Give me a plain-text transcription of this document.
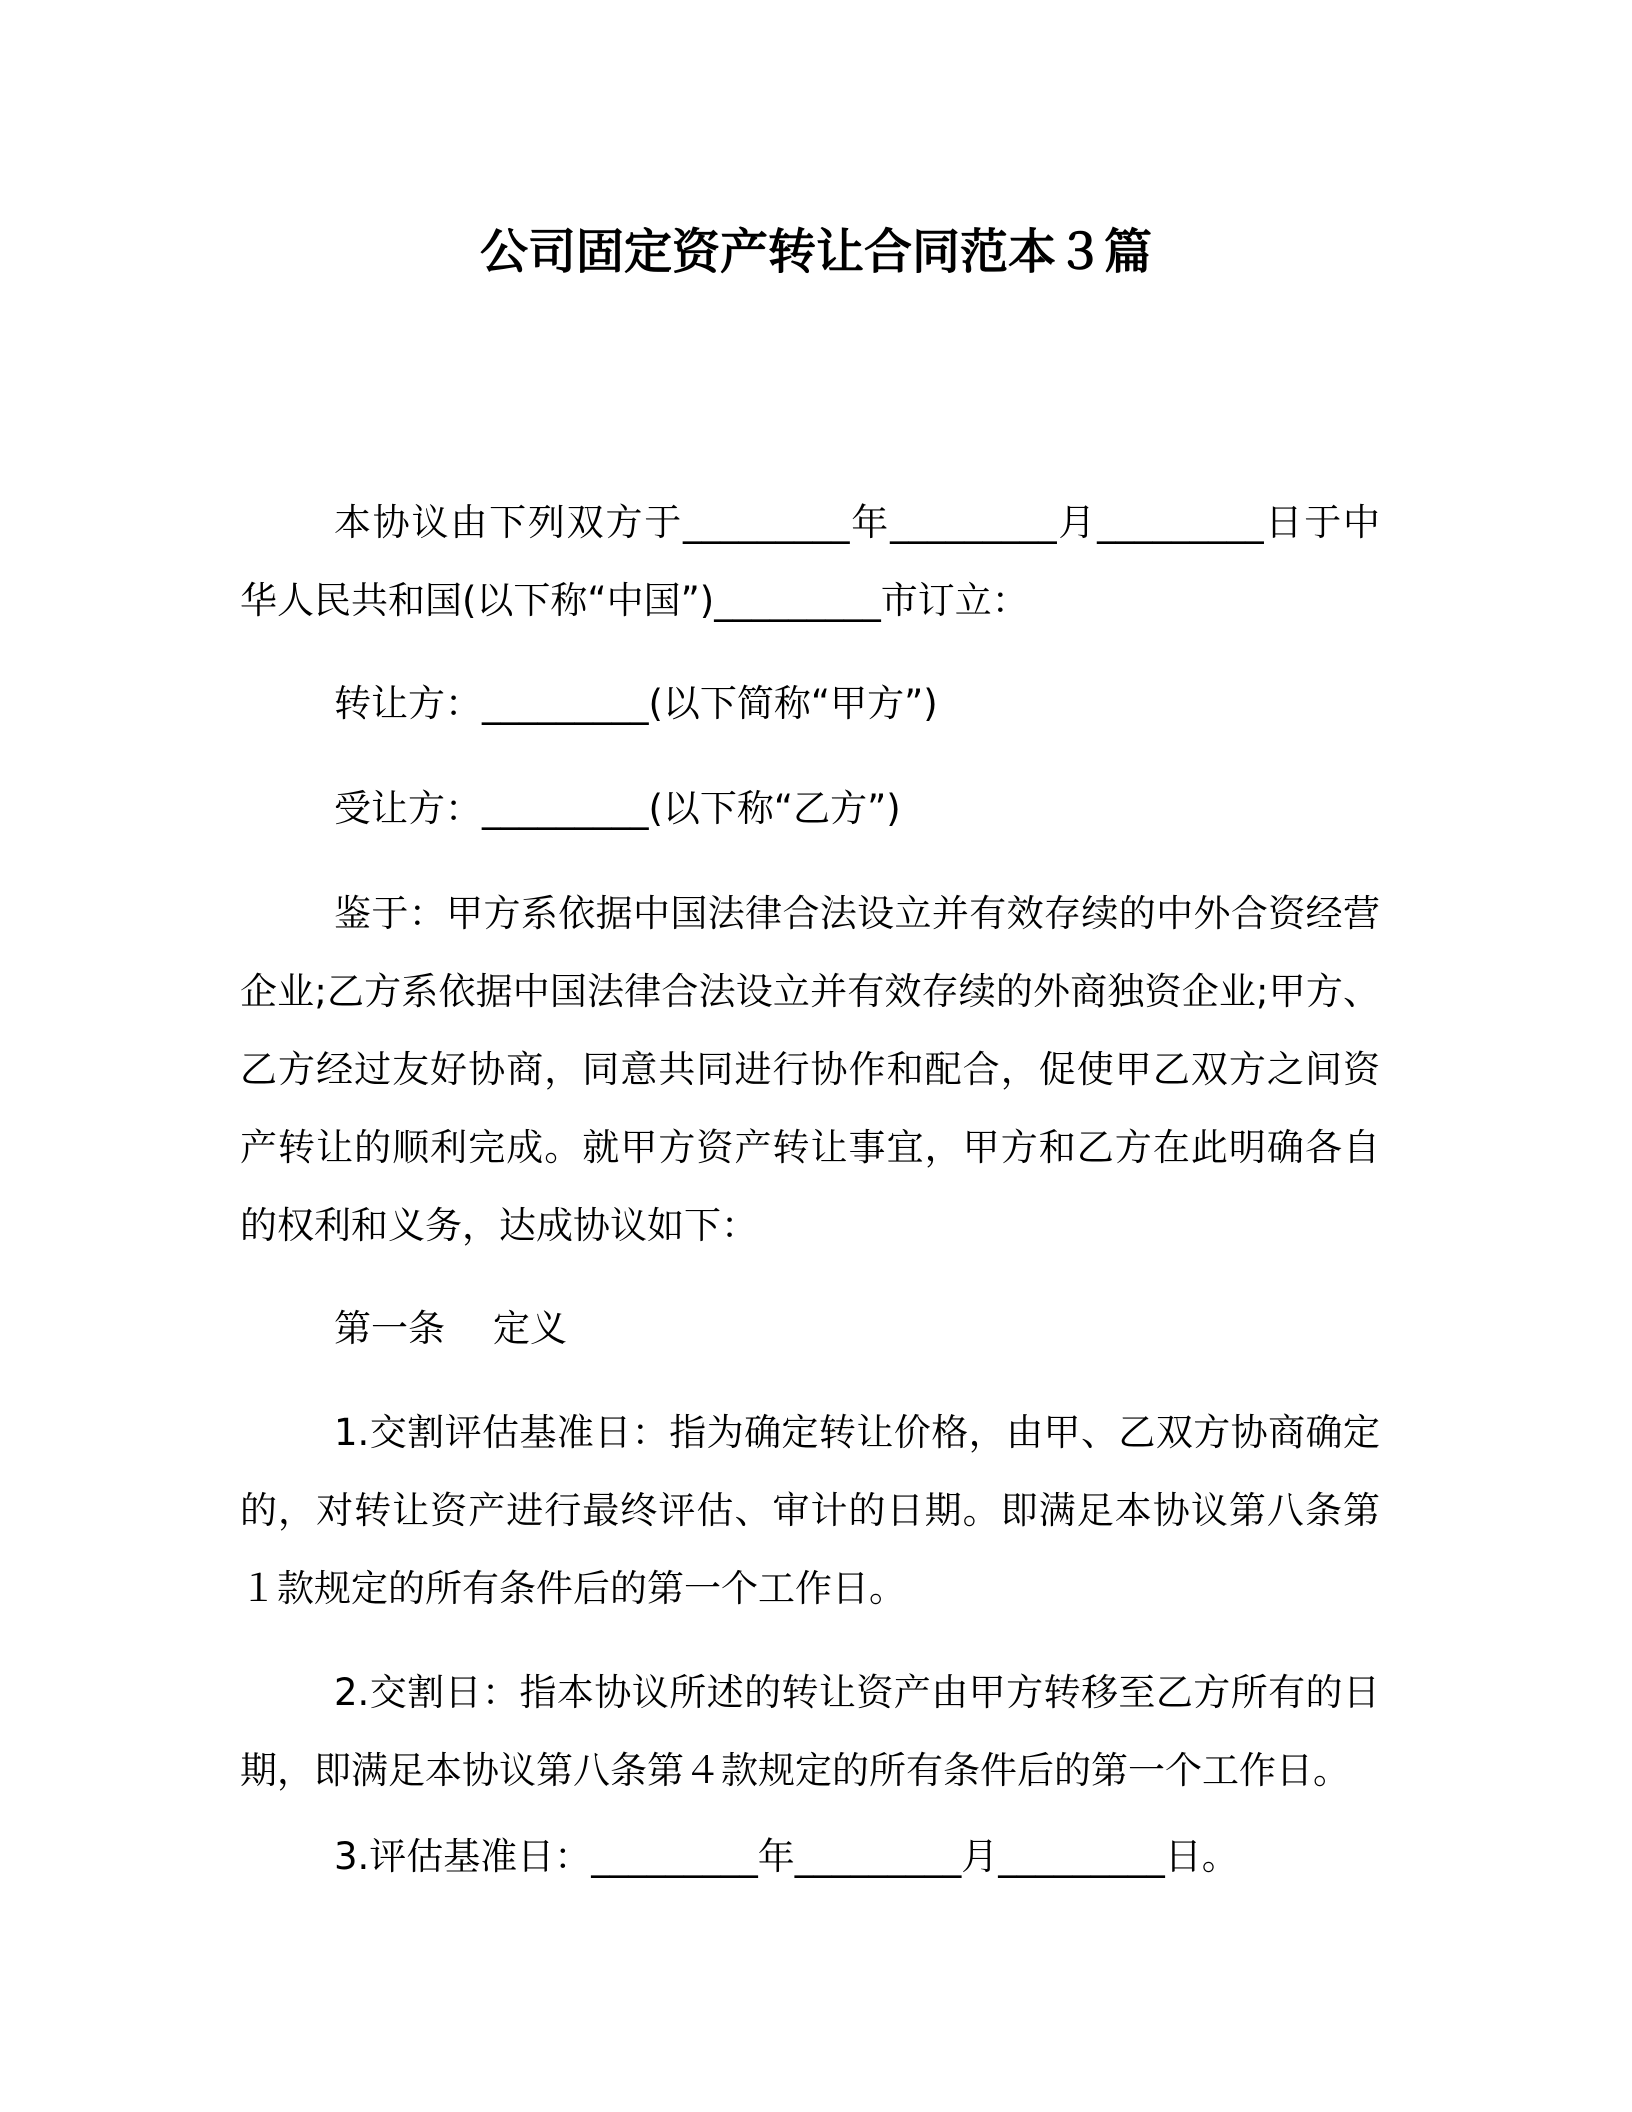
公司固定资产转让合同范本３篇

本协议由下列双方于_________年_________月_________日于中华人民共和国(以下称“中国”)_________市订立：

转让方：_________(以下简称“甲方”)

受让方：_________(以下称“乙方”)

鉴于：甲方系依据中国法律合法设立并有效存续的中外合资经营企业;乙方系依据中国法律合法设立并有效存续的外商独资企业;甲方、乙方经过友好协商，同意共同进行协作和配合，促使甲乙双方之间资产转让的顺利完成。就甲方资产转让事宜，甲方和乙方在此明确各自的权利和义务，达成协议如下：

第一条 定义

1.交割评估基准日：指为确定转让价格，由甲、乙双方协商确定的，对转让资产进行最终评估、审计的日期。即满足本协议第八条第１款规定的所有条件后的第一个工作日。

2.交割日：指本协议所述的转让资产由甲方转移至乙方所有的日期，即满足本协议第八条第４款规定的所有条件后的第一个工作日。

3.评估基准日：_________年_________月_________日。
